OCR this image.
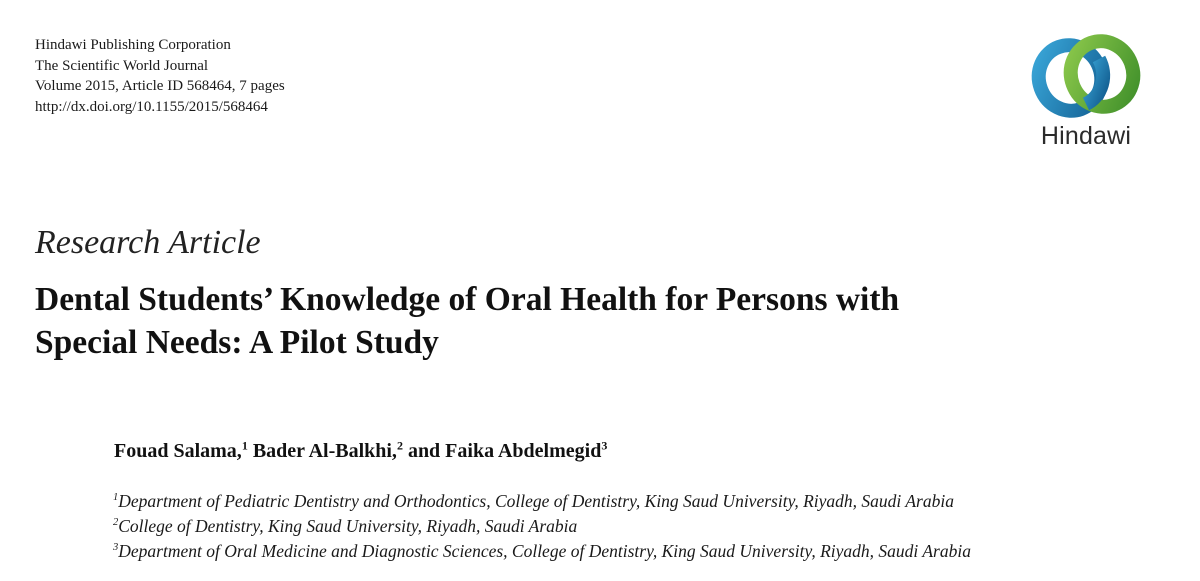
Hindawi Publishing Corporation
The Scientific World Journal
Volume 2015, Article ID 568464, 7 pages
http://dx.doi.org/10.1155/2015/568464
Hindawi
Research Article
Dental Students’ Knowledge of Oral Health for Persons with
Special Needs: A Pilot Study
Fouad Salama,$^1$ Bader Al-Balkhi,$^2$ and Faika Abdelmegid$^3$
$^1$Department of Pediatric Dentistry and Orthodontics, College of Dentistry, King Saud University, Riyadh, Saudi Arabia
$^2$College of Dentistry, King Saud University, Riyadh, Saudi Arabia
$^3$Department of Oral Medicine and Diagnostic Sciences, College of Dentistry, King Saud University, Riyadh, Saudi Arabia
